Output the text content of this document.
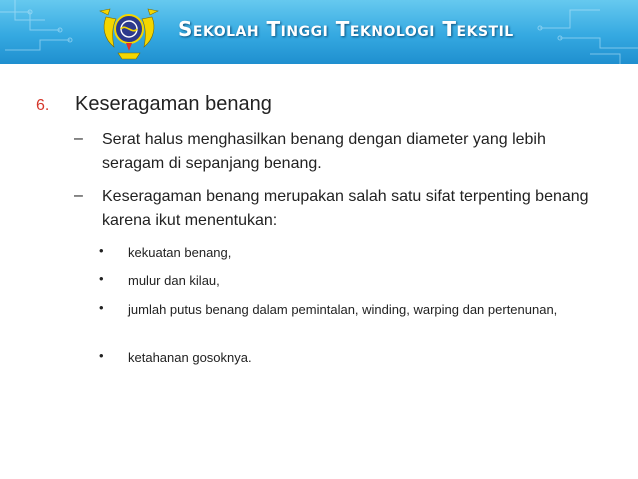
Sekolah Tinggi Teknologi Tekstil
6. Keseragaman benang
– Serat halus menghasilkan benang dengan diameter yang lebih seragam di sepanjang benang.
– Keseragaman benang merupakan salah satu sifat terpenting benang karena ikut menentukan:
• kekuatan benang,
• mulur dan kilau,
• jumlah putus benang dalam pemintalan, winding, warping dan pertenunan,
• ketahanan gosoknya.
